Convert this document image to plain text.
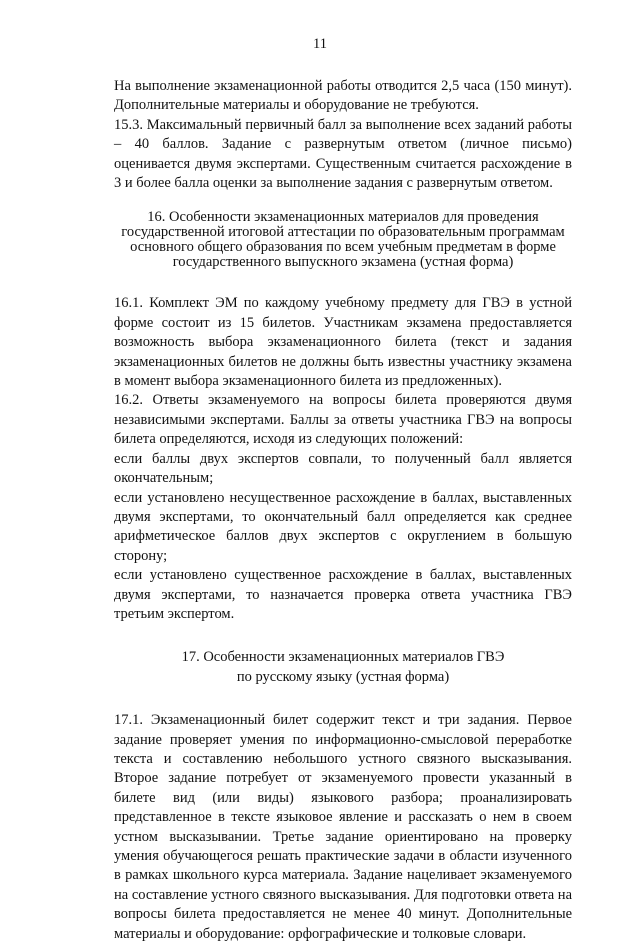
11

На выполнение экзаменационной работы отводится 2,5 часа (150 минут). Дополнительные материалы и оборудование не требуются.

15.3. Максимальный первичный балл за выполнение всех заданий работы – 40 баллов. Задание с развернутым ответом (личное письмо) оценивается двумя экспертами. Существенным считается расхождение в 3 и более балла оценки за выполнение задания с развернутым ответом.

16. Особенности экзаменационных материалов для проведения
государственной итоговой аттестации по образовательным программам
основного общего образования по всем учебным предметам в форме
государственного выпускного экзамена (устная форма)

16.1. Комплект ЭМ по каждому учебному предмету для ГВЭ в устной форме состоит из 15 билетов. Участникам экзамена предоставляется возможность выбора экзаменационного билета (текст и задания экзаменационных билетов не должны быть известны участнику экзамена в момент выбора экзаменационного билета из предложенных).

16.2. Ответы экзаменуемого на вопросы билета проверяются двумя независимыми экспертами. Баллы за ответы участника ГВЭ на вопросы билета определяются, исходя из следующих положений:

если баллы двух экспертов совпали, то полученный балл является окончательным;

если установлено несущественное расхождение в баллах, выставленных двумя экспертами, то окончательный балл определяется как среднее арифметическое баллов двух экспертов с округлением в большую сторону;

если установлено существенное расхождение в баллах, выставленных двумя экспертами, то назначается проверка ответа участника ГВЭ третьим экспертом.

17. Особенности экзаменационных материалов ГВЭ
по русскому языку (устная форма)

17.1. Экзаменационный билет содержит текст и три задания. Первое задание проверяет умения по информационно-смысловой переработке текста и составлению небольшого устного связного высказывания. Второе задание потребует от экзаменуемого провести указанный в билете вид (или виды) языкового разбора; проанализировать представленное в тексте языковое явление и рассказать о нем в своем устном высказывании. Третье задание ориентировано на проверку умения обучающегося решать практические задачи в области изученного в рамках школьного курса материала. Задание нацеливает экзаменуемого на составление устного связного высказывания. Для подготовки ответа на вопросы билета предоставляется не менее 40 минут. Дополнительные материалы и оборудование: орфографические и толковые словари.
